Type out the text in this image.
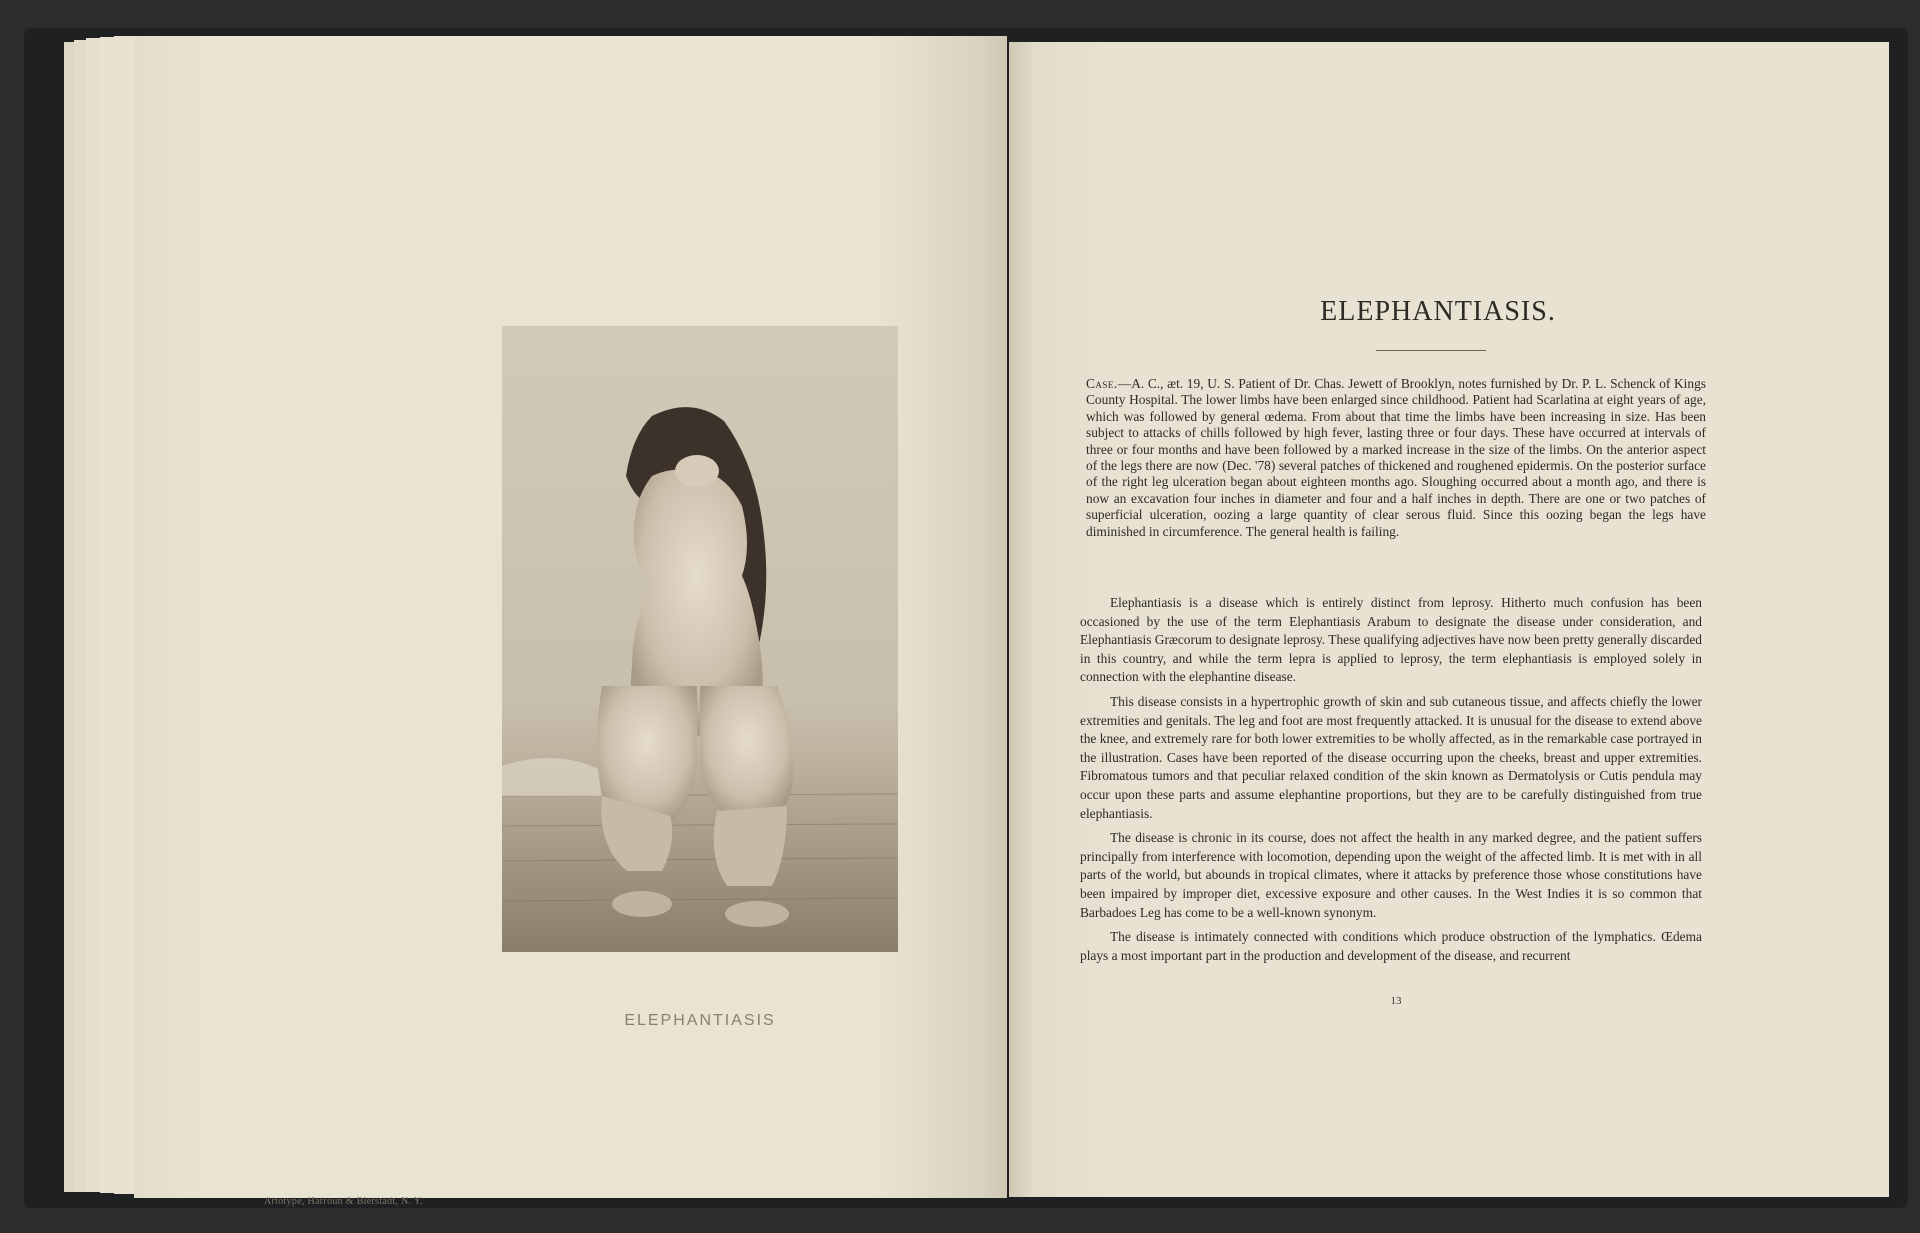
ELEPHANTIASIS
Artotype, Harroun & Bierstadt, N. Y.
ELEPHANTIASIS.
Case.—A. C., æt. 19, U. S. Patient of Dr. Chas. Jewett of Brooklyn, notes furnished by Dr. P. L. Schenck of Kings County Hospital. The lower limbs have been enlarged since childhood. Patient had Scarlatina at eight years of age, which was followed by general œdema. From about that time the limbs have been increasing in size. Has been subject to attacks of chills followed by high fever, lasting three or four days. These have occurred at intervals of three or four months and have been followed by a marked increase in the size of the limbs. On the anterior aspect of the legs there are now (Dec. '78) several patches of thickened and roughened epidermis. On the posterior surface of the right leg ulceration began about eighteen months ago. Sloughing occurred about a month ago, and there is now an excavation four inches in diameter and four and a half inches in depth. There are one or two patches of superficial ulceration, oozing a large quantity of clear serous fluid. Since this oozing began the legs have diminished in circumference. The general health is failing.

Elephantiasis is a disease which is entirely distinct from leprosy. Hitherto much confusion has been occasioned by the use of the term Elephantiasis Arabum to designate the disease under consideration, and Elephantiasis Græcorum to designate leprosy. These qualifying adjectives have now been pretty generally discarded in this country, and while the term lepra is applied to leprosy, the term elephantiasis is employed solely in connection with the elephantine disease.

This disease consists in a hypertrophic growth of skin and sub cutaneous tissue, and affects chiefly the lower extremities and genitals. The leg and foot are most frequently attacked. It is unusual for the disease to extend above the knee, and extremely rare for both lower extremities to be wholly affected, as in the remarkable case portrayed in the illustration. Cases have been reported of the disease occurring upon the cheeks, breast and upper extremities. Fibromatous tumors and that peculiar relaxed condition of the skin known as Dermatolysis or Cutis pendula may occur upon these parts and assume elephantine proportions, but they are to be carefully distinguished from true elephantiasis.

The disease is chronic in its course, does not affect the health in any marked degree, and the patient suffers principally from interference with locomotion, depending upon the weight of the affected limb. It is met with in all parts of the world, but abounds in tropical climates, where it attacks by preference those whose constitutions have been impaired by improper diet, excessive exposure and other causes. In the West Indies it is so common that Barbadoes Leg has come to be a well-known synonym.

The disease is intimately connected with conditions which produce obstruction of the lymphatics. Œdema plays a most important part in the production and development of the disease, and recurrent

13
